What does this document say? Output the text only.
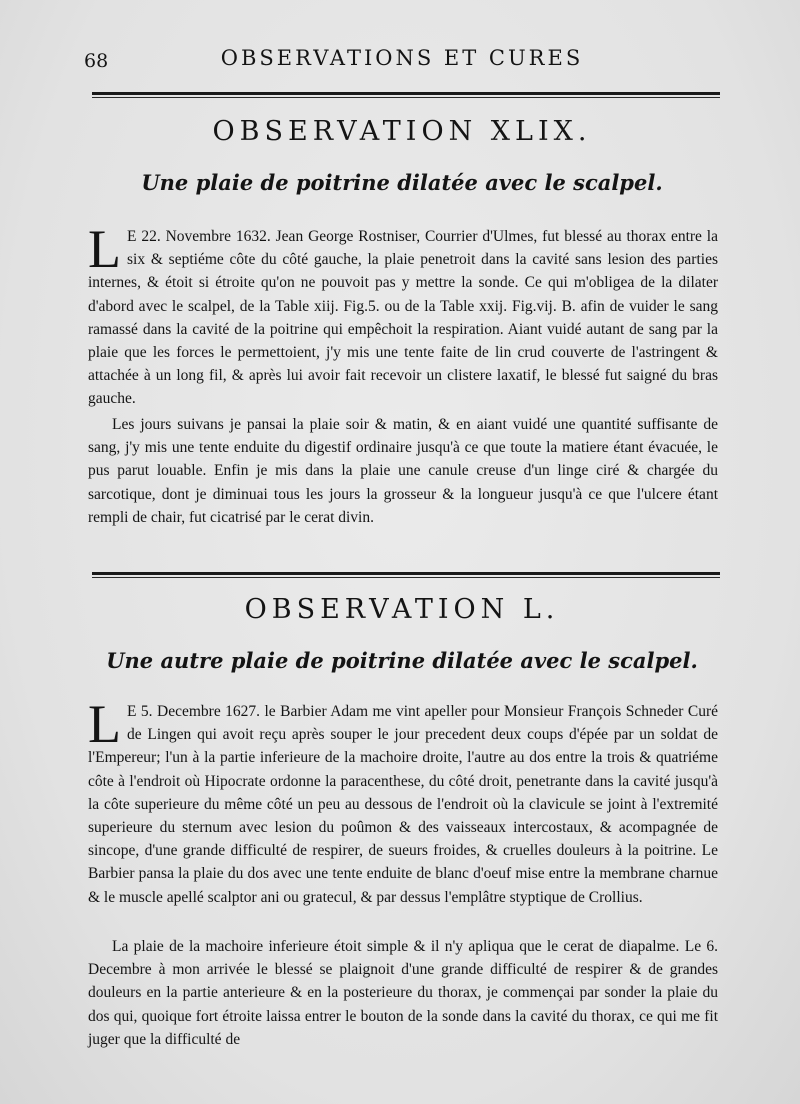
68	OBSERVATIONS ET CURES
OBSERVATION XLIX.
Une plaie de poitrine dilatée avec le scalpel.
L E 22. Novembre 1632. Jean George Rostniser, Courrier d'Ulmes, fut blessé au thorax entre la six & septiéme côte du côté gauche, la plaie penetroit dans la cavité sans lesion des parties internes, & étoit si étroite qu'on ne pouvoit pas y mettre la sonde. Ce qui m'obligea de la dilater d'abord avec le scalpel, de la Table xiij. Fig.5. ou de la Table xxij. Fig.vij. B. afin de vuider le sang ramassé dans la cavité de la poitrine qui empêchoit la respiration. Aiant vuidé autant de sang par la plaie que les forces le permettoient, j'y mis une tente faite de lin crud couverte de l'astringent & attachée à un long fil, & après lui avoir fait recevoir un clistere laxatif, le blessé fut saigné du bras gauche.
Les jours suivans je pansai la plaie soir & matin, & en aiant vuidé une quantité suffisante de sang, j'y mis une tente enduite du digestif ordinaire jusqu'à ce que toute la matiere étant évacuée, le pus parut louable. Enfin je mis dans la plaie une canule creuse d'un linge ciré & chargée du sarcotique, dont je diminuai tous les jours la grosseur & la longueur jusqu'à ce que l'ulcere étant rempli de chair, fut cicatrisé par le cerat divin.
OBSERVATION L.
Une autre plaie de poitrine dilatée avec le scalpel.
L E 5. Decembre 1627. le Barbier Adam me vint apeller pour Monsieur François Schneder Curé de Lingen qui avoit reçu après souper le jour precedent deux coups d'épée par un soldat de l'Empereur; l'un à la partie inferieure de la machoire droite, l'autre au dos entre la trois & quatriéme côte à l'endroit où Hipocrate ordonne la paracenthese, du côté droit, penetrante dans la cavité jusqu'à la côte superieure du même côté un peu au dessous de l'endroit où la clavicule se joint à l'extremité superieure du sternum avec lesion du poûmon & des vaisseaux intercostaux, & acompagnée de sincope, d'une grande difficulté de respirer, de sueurs froides, & cruelles douleurs à la poitrine. Le Barbier pansa la plaie du dos avec une tente enduite de blanc d'oeuf mise entre la membrane charnue & le muscle apellé scalptor ani ou gratecul, & par dessus l'emplâtre styptique de Crollius.
La plaie de la machoire inferieure étoit simple & il n'y apliqua que le cerat de diapalme. Le 6. Decembre à mon arrivée le blessé se plaignoit d'une grande difficulté de respirer & de grandes douleurs en la partie anterieure & en la posterieure du thorax, je commençai par sonder la plaie du dos qui, quoique fort étroite laissa entrer le bouton de la sonde dans la cavité du thorax, ce qui me fit juger que la difficulté de
